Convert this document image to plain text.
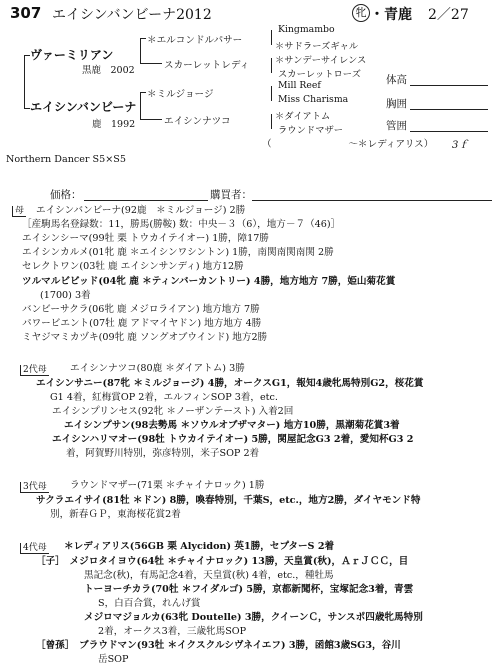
307 エイシンバンビーナ2012	牝 ・青鹿 2／27
ヴァーミリアン
黒鹿　2002
エイシンバンビーナ
鹿　1992
＊エルコンドルパサー
スカーレットレディ
＊ミルジョージ
エイシンナツコ
Kingmambo
＊サドラーズギャル
＊サンデーサイレンス
スカーレットローズ
Mill Reef
Miss Charisma
＊ダイアトム
ラウンドマザー
（　　　　　　　　～＊レディアリス） 3ｆ
体高
胸囲
管囲
Northern Dancer S5×S5
価格：	購買者：
母 エイシンバンビーナ(92鹿　＊ミルジョージ) 2勝
［産駒馬名登録数：11，勝馬(勝鞍) 数：中央－３（6），地方－７（46)］
エイシンシーマ(99牡 栗 トウカイテイオー) 1勝，障17勝
エイシンカルメ(01牝 鹿 ＊エイシンワシントン) 1勝，南関南関南関 2勝
セレクトワン(03牡 鹿 エイシンサンディ) 地方12勝
ツルマルビビッド(04牝 鹿 ＊ティンバーカントリー) 4勝，地方地方 7勝，姫山菊花賞
(1700) 3着
バンビーサクラ(06牝 鹿 メジロライアン) 地方地方 7勝
パワービエント(07牡 鹿 アドマイヤドン) 地方地方 4勝
ミヤジマミカヅキ(09牝 鹿 ソングオブウインド) 地方2勝
2代母 エイシンナツコ(80鹿 ＊ダイアトム) 3勝
エイシンサニー(87牝 ＊ミルジョージ) 4勝，オークスG1，報知4歳牝馬特別G2，桜花賞
G1 4着，紅梅賞OP 2着，エルフィンSOP 3着，etc.
エイシンプリンセス(92牝 ＊ノーザンテースト) 入着2回
エイシンプサン(98去勢馬 ＊ソウルオブザマター) 地方10勝，黒潮菊花賞3着
エイシンハリマオー(98牡 トウカイテイオー) 5勝，関屋記念G3 2着，愛知杯G3 2
着，阿賀野川特別，弥彦特別，米子SOP 2着
3代母 ラウンドマザー(71栗 ＊チャイナロック) 1勝
サクラエイサイ(81牡 ＊ドン) 8勝，喚春特別，千葉S，etc.，地方2勝，ダイヤモンド特
別，新春ＧＰ，東海桜花賞2着
4代母 ＊レディアリス(56GB 栗 Alycidon) 英1勝，セプターS 2着
［子］　メジロタイヨウ(64牡 ＊チャイナロック) 13勝，天皇賞(秋)，ＡｒＪＣＣ，目
黒記念(秋)，有馬記念4着，天皇賞(秋) 4着，etc.，種牡馬
トーヨーチカラ(70牡 ＊フイダルゴ) 5勝，京都新聞杯，宝塚記念3着，青雲
S，白百合賞，れんげ賞
メジロマジョルカ(63牝 Doutelle) 3勝，クイーンＣ，サンスポ四歳牝馬特別
2着，オークス3着，三歳牝馬SOP
［曾孫］　ブラウドマン(93牡 ＊イクスクルシヴネイエフ) 3勝，函館3歳SG3，谷川
岳SOP
